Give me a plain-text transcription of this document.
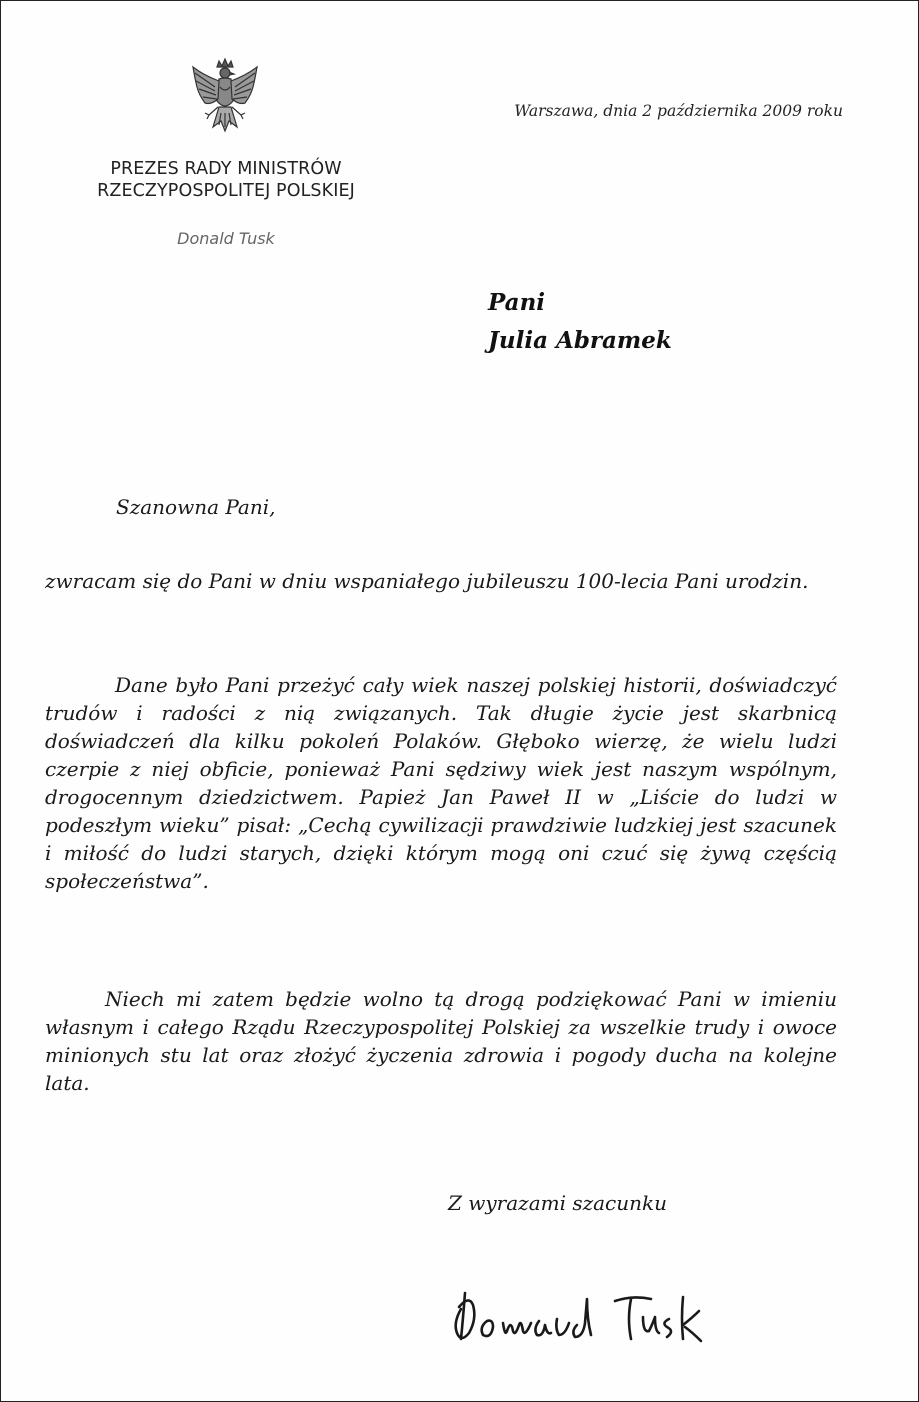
PREZES RADY MINISTRÓW
RZECZYPOSPOLITEJ POLSKIEJ
Donald Tusk
Warszawa, dnia 2 października 2009 roku
Pani
Julia Abramek
Szanowna Pani,

zwracam się do Pani w dniu wspaniałego jubileuszu 100-lecia Pani urodzin.

Dane było Pani przeżyć cały wiek naszej polskiej historii, doświadczyć trudów i radości z nią związanych. Tak długie życie jest skarbnicą doświadczeń dla kilku pokoleń Polaków. Głęboko wierzę, że wielu ludzi czerpie z niej obficie, ponieważ Pani sędziwy wiek jest naszym wspólnym, drogocennym dziedzictwem. Papież Jan Paweł II w „Liście do ludzi w podeszłym wieku” pisał: „Cechą cywilizacji prawdziwie ludzkiej jest szacunek i miłość do ludzi starych, dzięki którym mogą oni czuć się żywą częścią społeczeństwa”.

Niech mi zatem będzie wolno tą drogą podziękować Pani w imieniu własnym i całego Rządu Rzeczypospolitej Polskiej za wszelkie trudy i owoce minionych stu lat oraz złożyć życzenia zdrowia i pogody ducha na kolejne lata.

Z wyrazami szacunku
